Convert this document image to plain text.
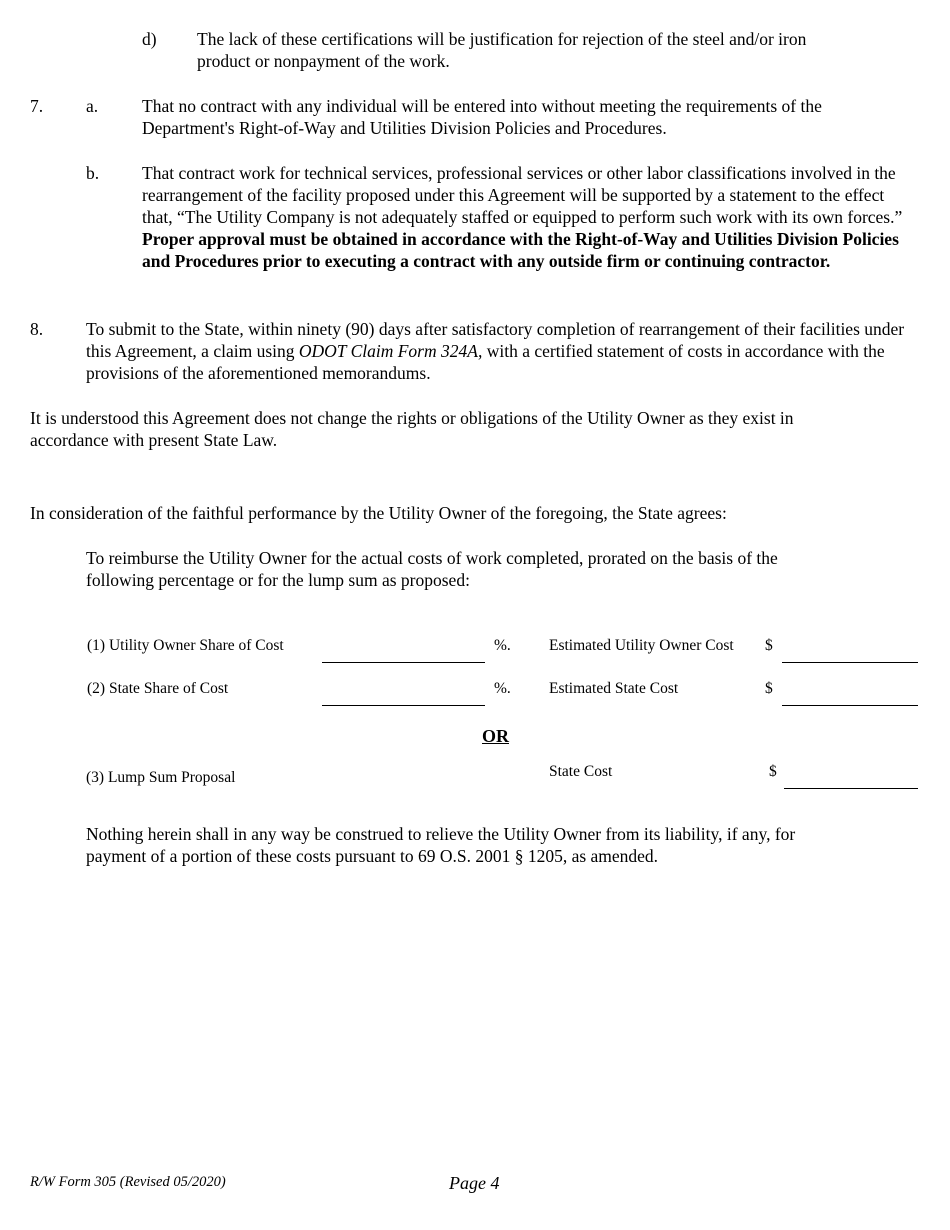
d) The lack of these certifications will be justification for rejection of the steel and/or iron product or nonpayment of the work.
7. a.	That no contract with any individual will be entered into without meeting the requirements of the Department's Right-of-Way and Utilities Division Policies and Procedures.
b. That contract work for technical services, professional services or other labor classifications involved in the rearrangement of the facility proposed under this Agreement will be supported by a statement to the effect that, “The Utility Company is not adequately staffed or equipped to perform such work with its own forces.” Proper approval must be obtained in accordance with the Right-of-Way and Utilities Division Policies and Procedures prior to executing a contract with any outside firm or continuing contractor.
8. To submit to the State, within ninety (90) days after satisfactory completion of rearrangement of their facilities under this Agreement, a claim using ODOT Claim Form 324A, with a certified statement of costs in accordance with the provisions of the aforementioned memorandums.
It is understood this Agreement does not change the rights or obligations of the Utility Owner as they exist in accordance with present State Law.
In consideration of the faithful performance by the Utility Owner of the foregoing, the State agrees:
To reimburse the Utility Owner for the actual costs of work completed, prorated on the basis of the following percentage or for the lump sum as proposed:
(1) Utility Owner Share of Cost	%. Estimated Utility Owner Cost $
(2) State Share of Cost	%. Estimated State Cost	$
OR
(3) Lump Sum Proposal	State Cost	$
Nothing herein shall in any way be construed to relieve the Utility Owner from its liability, if any, for payment of a portion of these costs pursuant to 69 O.S. 2001 § 1205, as amended.
R/W Form 305 (Revised 05/2020)	Page 4
